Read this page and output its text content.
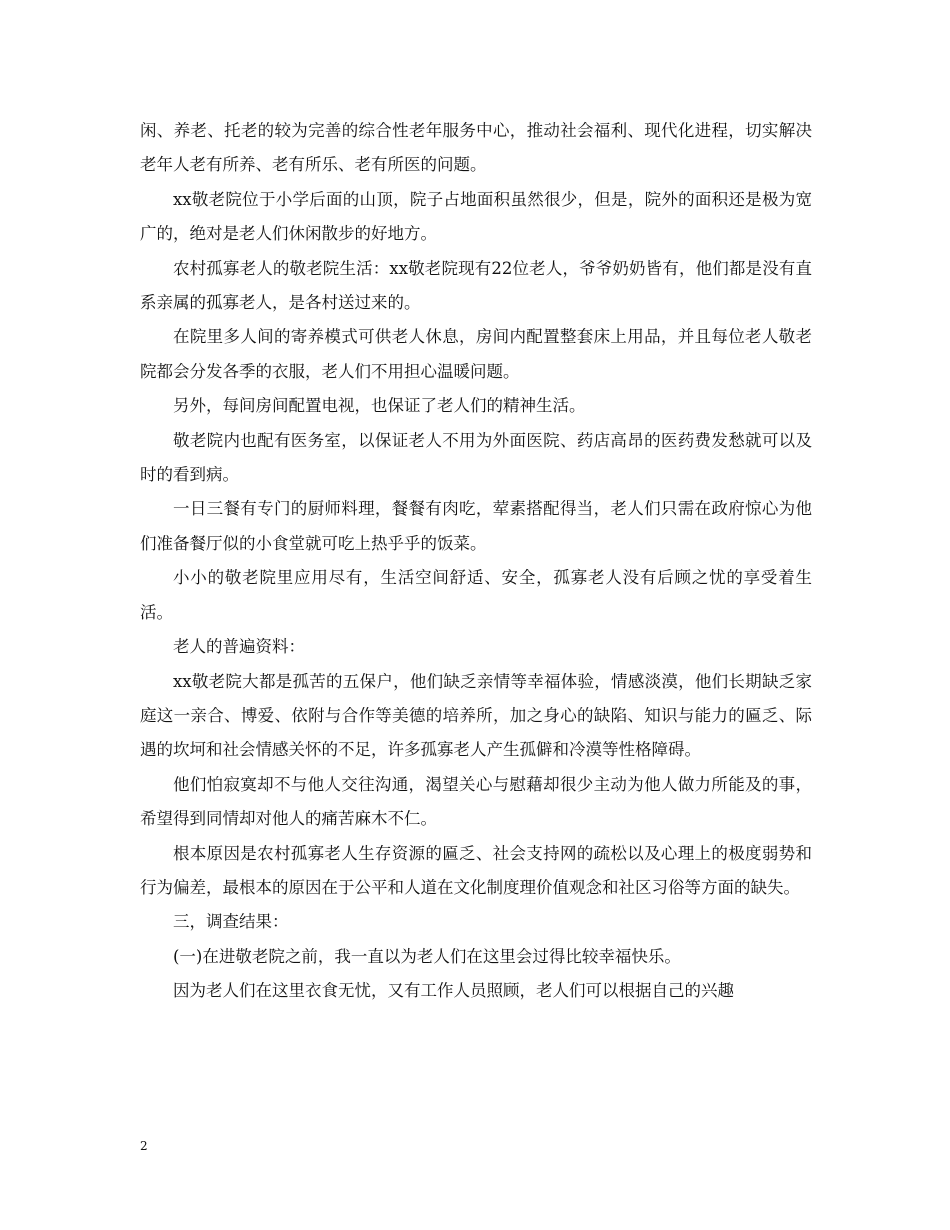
闲、养老、托老的较为完善的综合性老年服务中心，推动社会福利、现代化进程，切实解决老年人老有所养、老有所乐、老有所医的问题。

xx敬老院位于小学后面的山顶，院子占地面积虽然很少，但是，院外的面积还是极为宽广的，绝对是老人们休闲散步的好地方。

农村孤寡老人的敬老院生活：xx敬老院现有22位老人，爷爷奶奶皆有，他们都是没有直系亲属的孤寡老人，是各村送过来的。

在院里多人间的寄养模式可供老人休息，房间内配置整套床上用品，并且每位老人敬老院都会分发各季的衣服，老人们不用担心温暖问题。

另外，每间房间配置电视，也保证了老人们的精神生活。

敬老院内也配有医务室，以保证老人不用为外面医院、药店高昂的医药费发愁就可以及时的看到病。

一日三餐有专门的厨师料理，餐餐有肉吃，荤素搭配得当，老人们只需在政府惊心为他们准备餐厅似的小食堂就可吃上热乎乎的饭菜。

小小的敬老院里应用尽有，生活空间舒适、安全，孤寡老人没有后顾之忧的享受着生活。

老人的普遍资料：

xx敬老院大都是孤苦的五保户，他们缺乏亲情等幸福体验，情感淡漠，他们长期缺乏家庭这一亲合、博爱、依附与合作等美德的培养所，加之身心的缺陷、知识与能力的匾乏、际遇的坎坷和社会情感关怀的不足，许多孤寡老人产生孤僻和冷漠等性格障碍。

他们怕寂寞却不与他人交往沟通，渴望关心与慰藉却很少主动为他人做力所能及的事，希望得到同情却对他人的痛苦麻木不仁。

根本原因是农村孤寡老人生存资源的匾乏、社会支持网的疏松以及心理上的极度弱势和行为偏差，最根本的原因在于公平和人道在文化制度理价值观念和社区习俗等方面的缺失。

三，调查结果：

(一)在进敬老院之前，我一直以为老人们在这里会过得比较幸福快乐。

因为老人们在这里衣食无忧，又有工作人员照顾，老人们可以根据自己的兴趣

2
